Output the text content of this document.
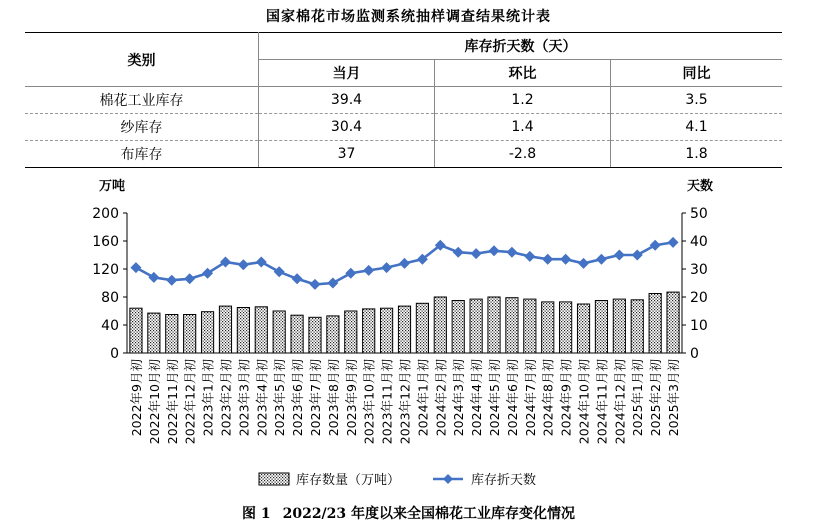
国家棉花市场监测系统抽样调查结果统计表
类别	库存折天数（天）		
	当月	环比	同比
棉花工业库存	39.4	1.2	3.5
纱库存	30.4	1.4	4.1
布库存	37	-2.8	1.8
万吨	天数
0
40
80
120
160
200
0
10
20
30
40
50
2022年9月初 2022年10月初 2022年11月初 2022年12月初 2023年1月初 2023年2月初 2023年3月初 2023年4月初 2023年5月初 2023年6月初 2023年7月初 2023年8月初 2023年9月初 2023年10月初 2023年11月初 2023年12月初 2024年1月初 2024年2月初 2024年3月初 2024年4月初 2024年5月初 2024年6月初 2024年7月初 2024年8月初 2024年9月初 2024年10月初 2024年11月初 2024年12月初 2025年1月初 2025年2月初 2025年3月初
库存数量（万吨）	库存折天数
图 1 2022/23 年度以来全国棉花工业库存变化情况
